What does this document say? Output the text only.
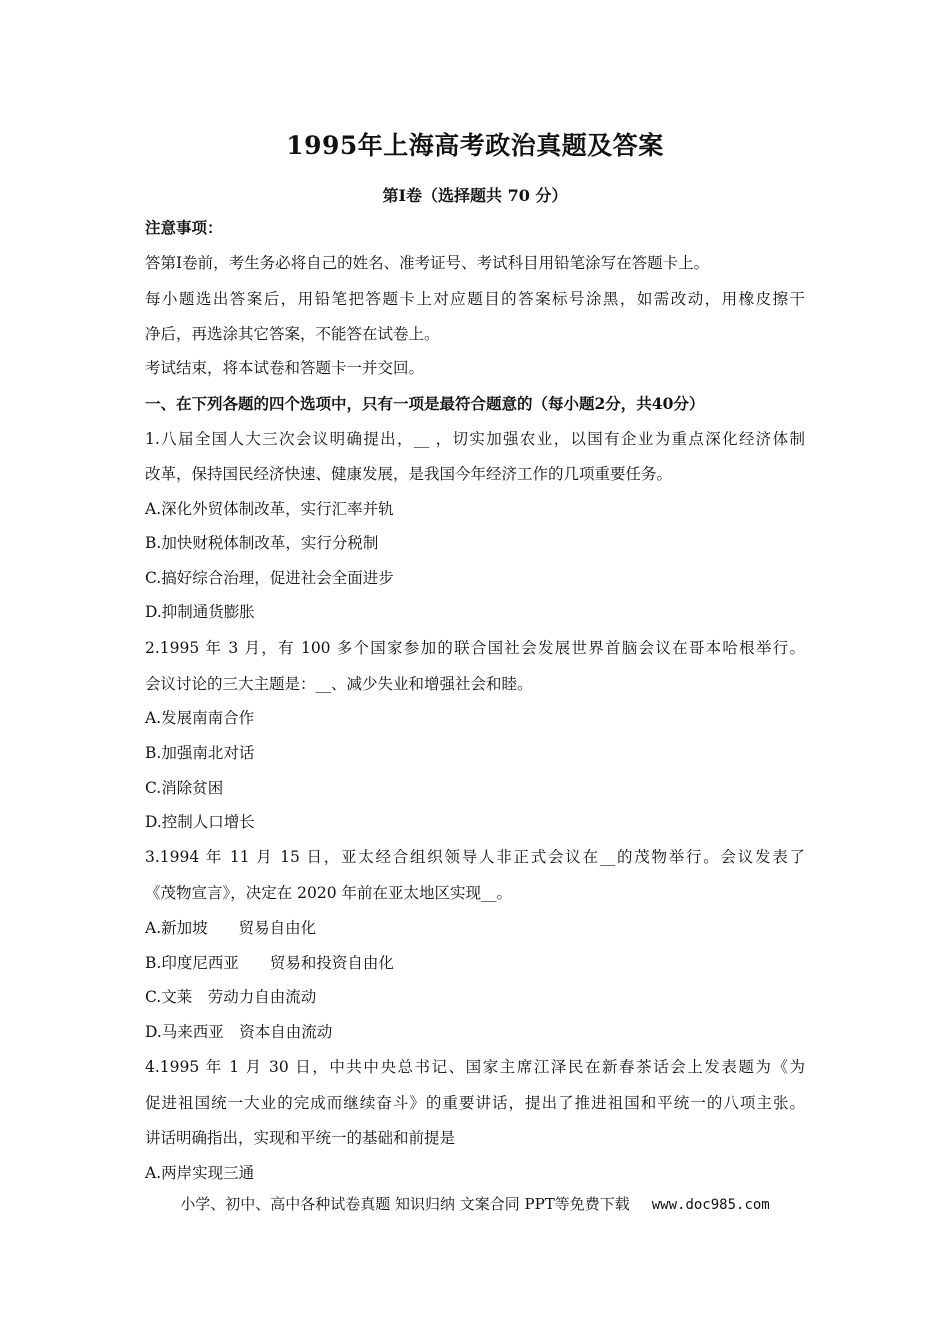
1995年上海高考政治真题及答案
第Ⅰ卷（选择题共 70 分）
注意事项：
答第Ⅰ卷前，考生务必将自己的姓名、准考证号、考试科目用铅笔涂写在答题卡上。
每小题选出答案后，用铅笔把答题卡上对应题目的答案标号涂黑，如需改动，用橡皮擦干
净后，再选涂其它答案，不能答在试卷上。
考试结束，将本试卷和答题卡一并交回。
一、在下列各题的四个选项中，只有一项是最符合题意的（每小题2分，共40分）
1.八届全国人大三次会议明确提出，__ ，切实加强农业，以国有企业为重点深化经济体制
改革，保持国民经济快速、健康发展，是我国今年经济工作的几项重要任务。
A.深化外贸体制改革，实行汇率并轨
B.加快财税体制改革，实行分税制
C.搞好综合治理，促进社会全面进步
D.抑制通货膨胀
2.1995 年 3 月，有 100 多个国家参加的联合国社会发展世界首脑会议在哥本哈根举行。
会议讨论的三大主题是：__、减少失业和增强社会和睦。
A.发展南南合作
B.加强南北对话
C.消除贫困
D.控制人口增长
3.1994 年 11 月 15 日，亚太经合组织领导人非正式会议在__的茂物举行。会议发表了
《茂物宣言》，决定在 2020 年前在亚太地区实现__。
A.新加坡　　贸易自由化
B.印度尼西亚　　贸易和投资自由化
C.文莱　劳动力自由流动
D.马来西亚　资本自由流动
4.1995 年 1 月 30 日，中共中央总书记、国家主席江泽民在新春茶话会上发表题为《为
促进祖国统一大业的完成而继续奋斗》的重要讲话，提出了推进祖国和平统一的八项主张。
讲话明确指出，实现和平统一的基础和前提是
A.两岸实现三通
小学、初中、高中各种试卷真题 知识归纳 文案合同 PPT等免费下载 www.doc985.com
